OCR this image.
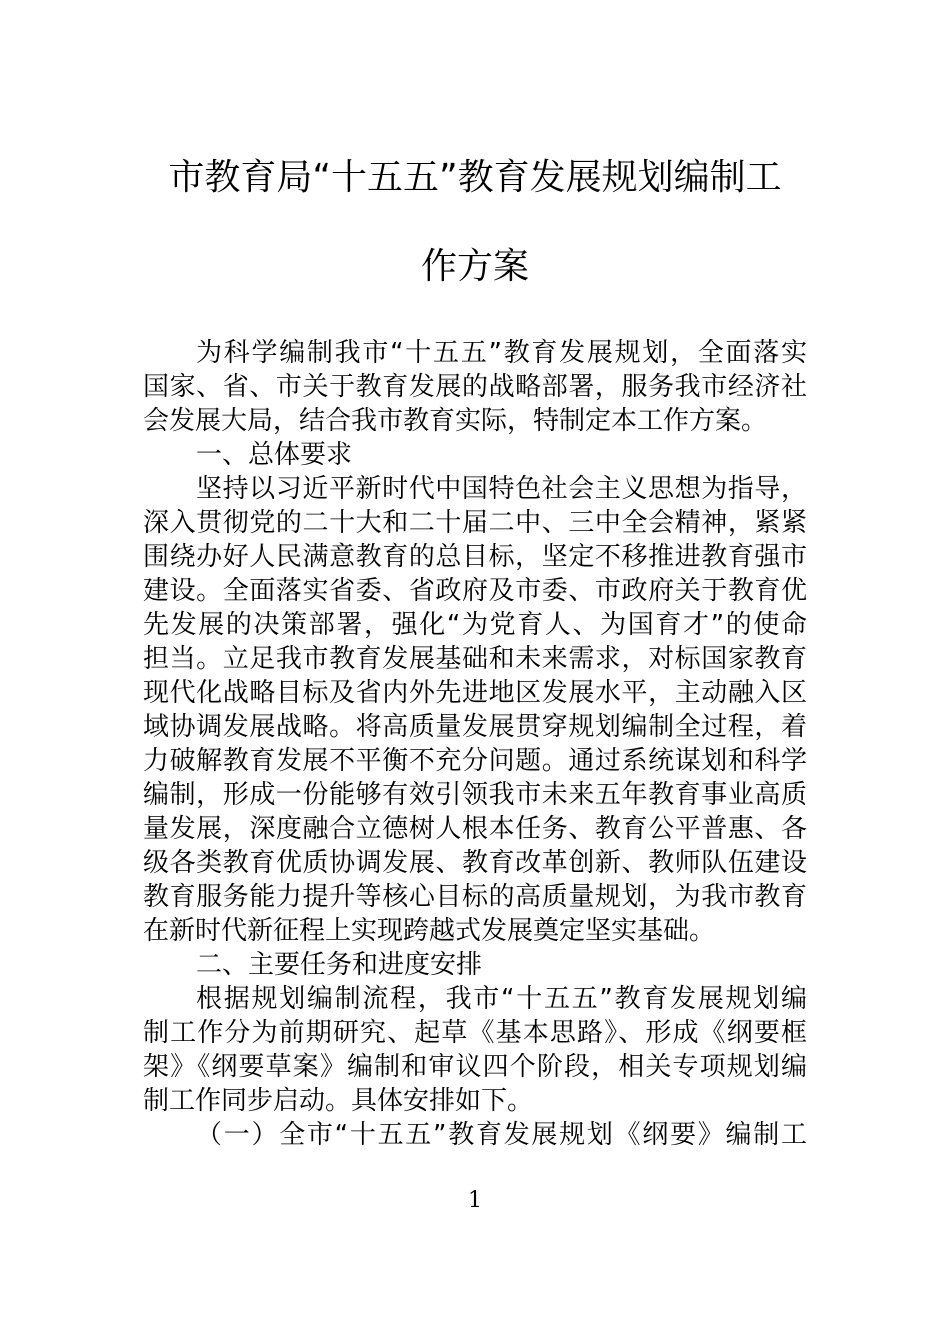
市教育局“十五五”教育发展规划编制工
作方案
为科学编制我市“十五五”教育发展规划，全面落实
国家、省、市关于教育发展的战略部署，服务我市经济社
会发展大局，结合我市教育实际，特制定本工作方案。
一、总体要求
坚持以习近平新时代中国特色社会主义思想为指导，
深入贯彻党的二十大和二十届二中、三中全会精神，紧紧
围绕办好人民满意教育的总目标，坚定不移推进教育强市
建设。全面落实省委、省政府及市委、市政府关于教育优
先发展的决策部署，强化“为党育人、为国育才”的使命
担当。立足我市教育发展基础和未来需求，对标国家教育
现代化战略目标及省内外先进地区发展水平，主动融入区
域协调发展战略。将高质量发展贯穿规划编制全过程，着
力破解教育发展不平衡不充分问题。通过系统谋划和科学
编制，形成一份能够有效引领我市未来五年教育事业高质
量发展，深度融合立德树人根本任务、教育公平普惠、各
级各类教育优质协调发展、教育改革创新、教师队伍建设
教育服务能力提升等核心目标的高质量规划，为我市教育
在新时代新征程上实现跨越式发展奠定坚实基础。
二、主要任务和进度安排
根据规划编制流程，我市“十五五”教育发展规划编
制工作分为前期研究、起草《基本思路》、形成《纲要框
架》《纲要草案》编制和审议四个阶段，相关专项规划编
制工作同步启动。具体安排如下。
（一）全市“十五五”教育发展规划《纲要》编制工
1
